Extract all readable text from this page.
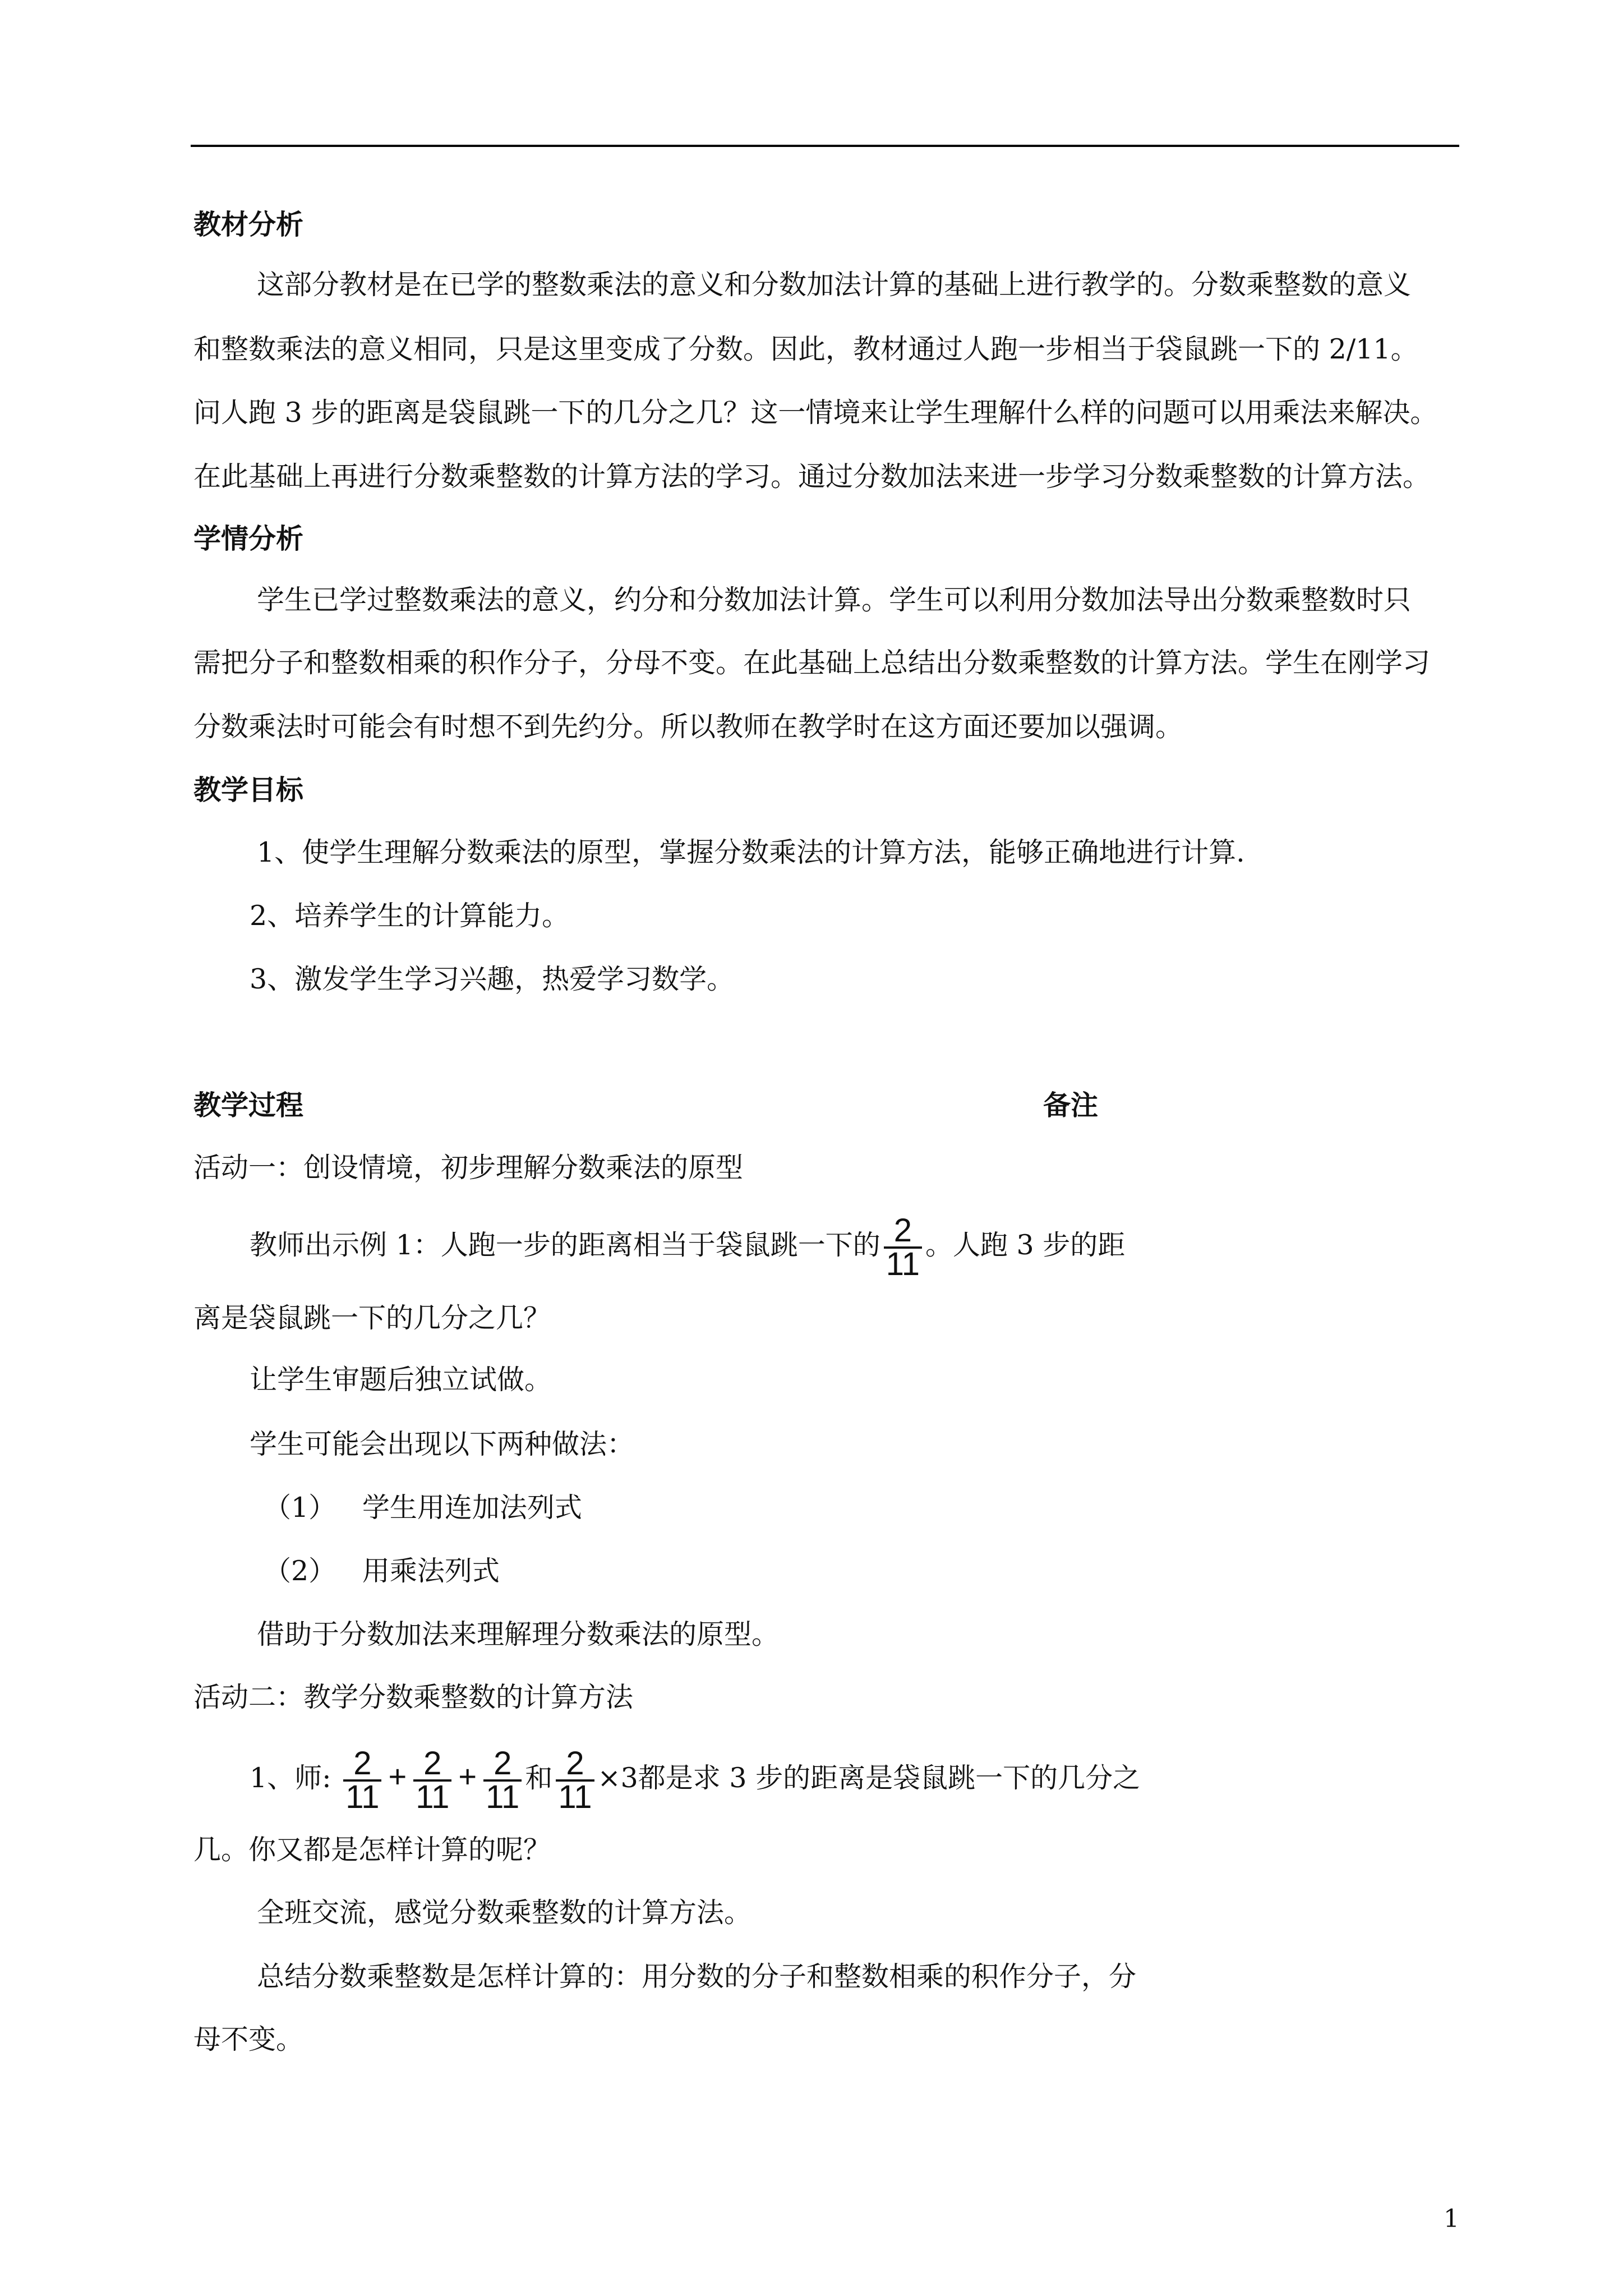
教材分析
这部分教材是在已学的整数乘法的意义和分数加法计算的基础上进行教学的。分数乘整数的意义
和整数乘法的意义相同，只是这里变成了分数。因此，教材通过人跑一步相当于袋鼠跳一下的 2/11。
问人跑 3 步的距离是袋鼠跳一下的几分之几？这一情境来让学生理解什么样的问题可以用乘法来解决。
在此基础上再进行分数乘整数的计算方法的学习。通过分数加法来进一步学习分数乘整数的计算方法。
学情分析
学生已学过整数乘法的意义，约分和分数加法计算。学生可以利用分数加法导出分数乘整数时只
需把分子和整数相乘的积作分子，分母不变。在此基础上总结出分数乘整数的计算方法。学生在刚学习
分数乘法时可能会有时想不到先约分。所以教师在教学时在这方面还要加以强调。
教学目标
1、使学生理解分数乘法的原型，掌握分数乘法的计算方法，能够正确地进行计算.
2、培养学生的计算能力。
3、激发学生学习兴趣，热爱学习数学。
教学过程	备注
活动一：创设情境，初步理解分数乘法的原型
教师出示例 1：人跑一步的距离相当于袋鼠跳一下的 $\frac{2}{11}$ 。人跑 3 步的距
离是袋鼠跳一下的几分之几？
让学生审题后独立试做。
学生可能会出现以下两种做法：
（1）   学生用连加法列式
（2）   用乘法列式
借助于分数加法来理解理分数乘法的原型。
活动二：教学分数乘整数的计算方法
1、师: $\frac{2}{11} + \frac{2}{11} + \frac{2}{11}$ 和 $\frac{2}{11} \times 3$都是求 3 步的距离是袋鼠跳一下的几分之
几。你又都是怎样计算的呢？
全班交流，感觉分数乘整数的计算方法。
总结分数乘整数是怎样计算的：用分数的分子和整数相乘的积作分子，分
母不变。
1
